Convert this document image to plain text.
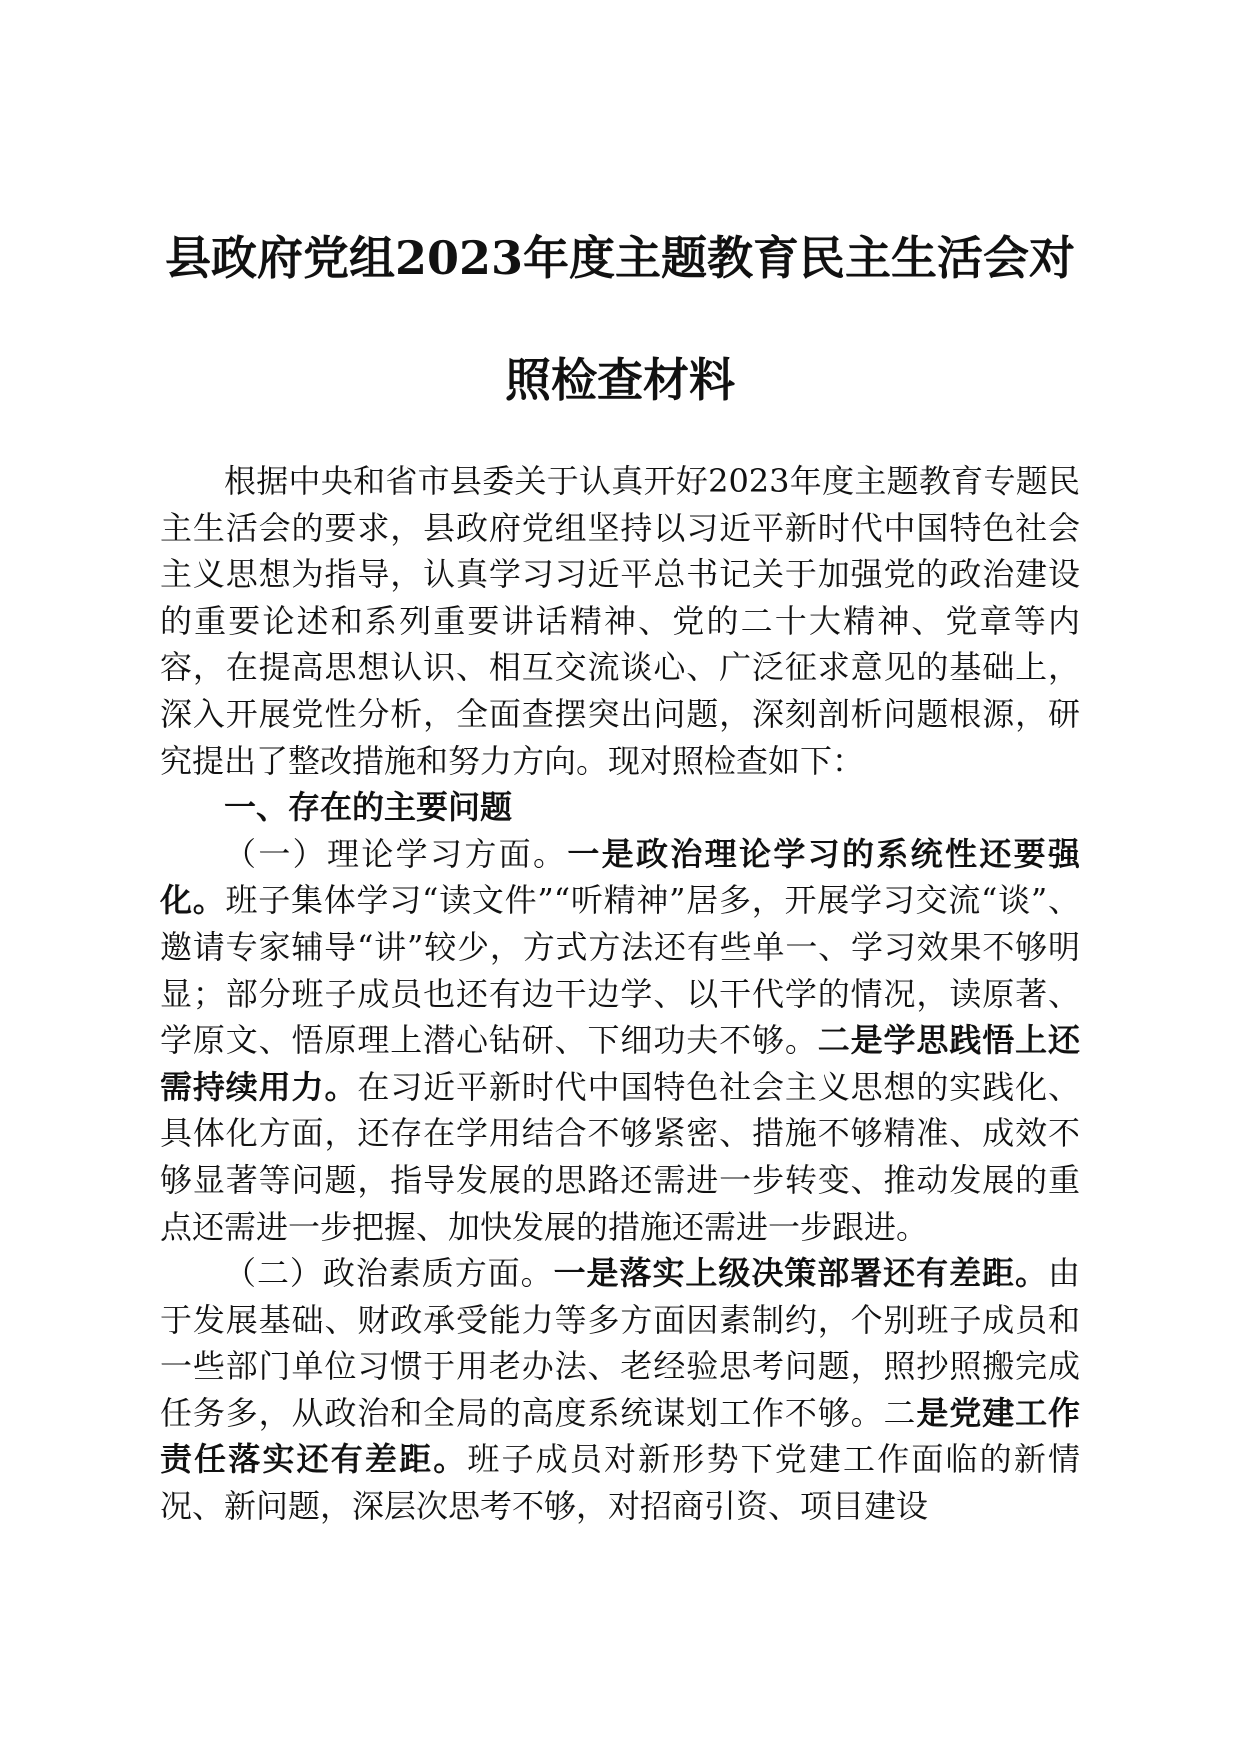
县政府党组2023年度主题教育民主生活会对
照检查材料

根据中央和省市县委关于认真开好2023年度主题教育专题民主生活会的要求，县政府党组坚持以习近平新时代中国特色社会主义思想为指导，认真学习习近平总书记关于加强党的政治建设的重要论述和系列重要讲话精神、党的二十大精神、党章等内容，在提高思想认识、相互交流谈心、广泛征求意见的基础上，深入开展党性分析，全面查摆突出问题，深刻剖析问题根源，研究提出了整改措施和努力方向。现对照检查如下：

一、存在的主要问题

（一）理论学习方面。一是政治理论学习的系统性还要强化。班子集体学习“读文件”“听精神”居多，开展学习交流“谈”、邀请专家辅导“讲”较少，方式方法还有些单一、学习效果不够明显；部分班子成员也还有边干边学、以干代学的情况，读原著、学原文、悟原理上潜心钻研、下细功夫不够。二是学思践悟上还需持续用力。在习近平新时代中国特色社会主义思想的实践化、具体化方面，还存在学用结合不够紧密、措施不够精准、成效不够显著等问题，指导发展的思路还需进一步转变、推动发展的重点还需进一步把握、加快发展的措施还需进一步跟进。

（二）政治素质方面。一是落实上级决策部署还有差距。由于发展基础、财政承受能力等多方面因素制约，个别班子成员和一些部门单位习惯于用老办法、老经验思考问题，照抄照搬完成任务多，从政治和全局的高度系统谋划工作不够。二是党建工作责任落实还有差距。班子成员对新形势下党建工作面临的新情况、新问题，深层次思考不够，对招商引资、项目建设
